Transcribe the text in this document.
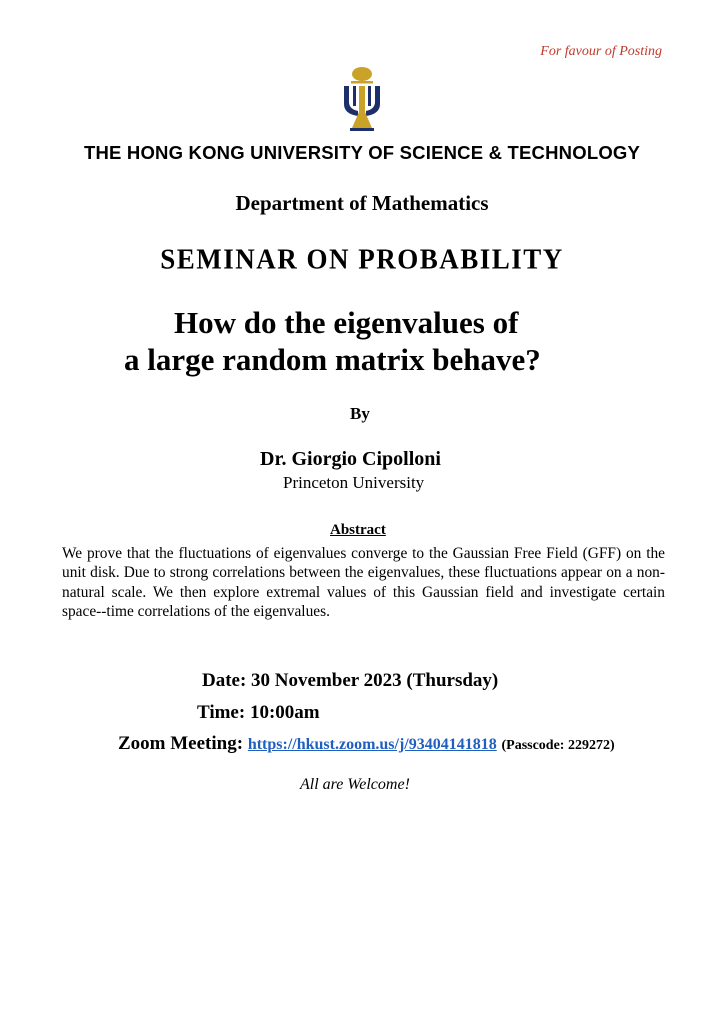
For favour of Posting
THE HONG KONG UNIVERSITY OF SCIENCE & TECHNOLOGY
Department of Mathematics
SEMINAR ON PROBABILITY
How do the eigenvalues of
a large random matrix behave?
By
Dr. Giorgio Cipolloni
Princeton University
Abstract
We prove that the fluctuations of eigenvalues converge to the Gaussian Free Field (GFF) on the unit disk. Due to strong correlations between the eigenvalues, these fluctuations appear on a non-natural scale. We then explore extremal values of this Gaussian field and investigate certain space--time correlations of the eigenvalues.
Date: 30 November 2023 (Thursday)
Time: 10:00am
Zoom Meeting: https://hkust.zoom.us/j/93404141818 (Passcode: 229272)
All are Welcome!
